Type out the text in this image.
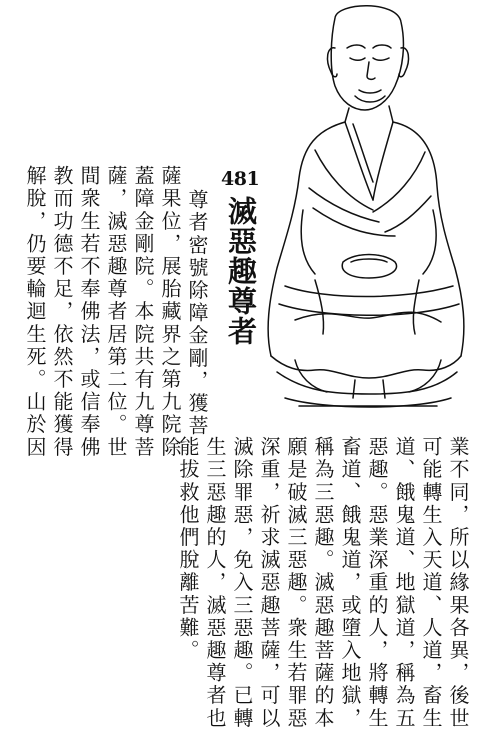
481
滅惡趣尊者
尊者密號除障金剛，獲菩
薩果位，展胎藏界之第九院除
蓋障金剛院。本院共有九尊菩
薩，滅惡趣尊者居第二位。世
間衆生若不奉佛法，或信奉佛
教而功德不足，依然不能獲得
解脫，仍要輪迴生死。山於因
業不同，所以緣果各異，後世
可能轉生入天道、人道，畜生
道、餓鬼道、地獄道，稱為五
惡趣。惡業深重的人，將轉生
畜道、餓鬼道，或墮入地獄，
稱為三惡趣。滅惡趣菩薩的本
願是破滅三惡趣。衆生若罪惡
深重，祈求滅惡趣菩薩，可以
滅除罪惡，免入三惡趣。已轉
生三惡趣的人，滅惡趣尊者也
能拔救他們脫離苦難。
